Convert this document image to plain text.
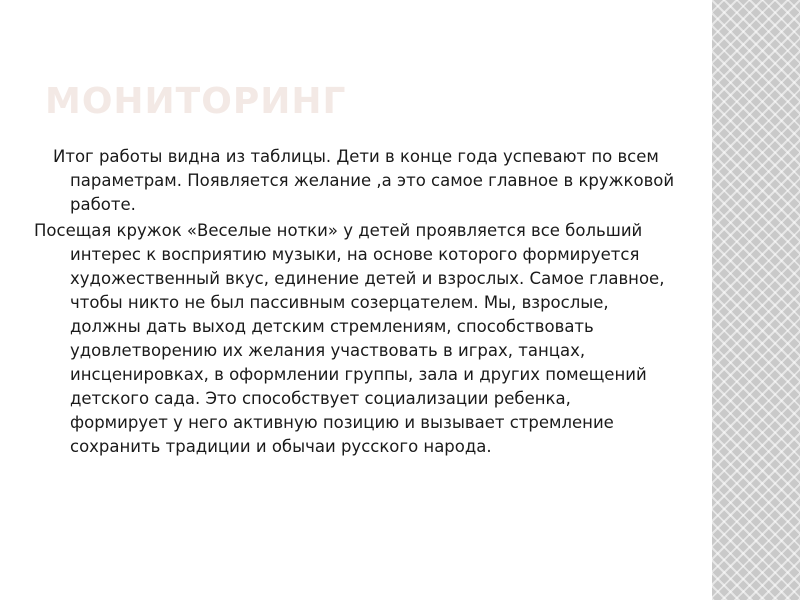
МОНИТОРИНГ

Итог работы видна из таблицы. Дети в конце года успевают по всем параметрам. Появляется желание ,а это самое главное в кружковой работе.

Посещая кружок «Веселые нотки» у детей проявляется все больший интерес к восприятию музыки, на основе которого формируется художественный вкус, единение детей и взрослых. Самое главное, чтобы никто не был пассивным созерцателем. Мы, взрослые, должны дать выход детским стремлениям, способствовать удовлетворению их желания участвовать в играх, танцах, инсценировках, в оформлении группы, зала и других помещений детского сада. Это способствует социализации ребенка, формирует у него активную позицию и вызывает стремление сохранить традиции и обычаи русского народа.
